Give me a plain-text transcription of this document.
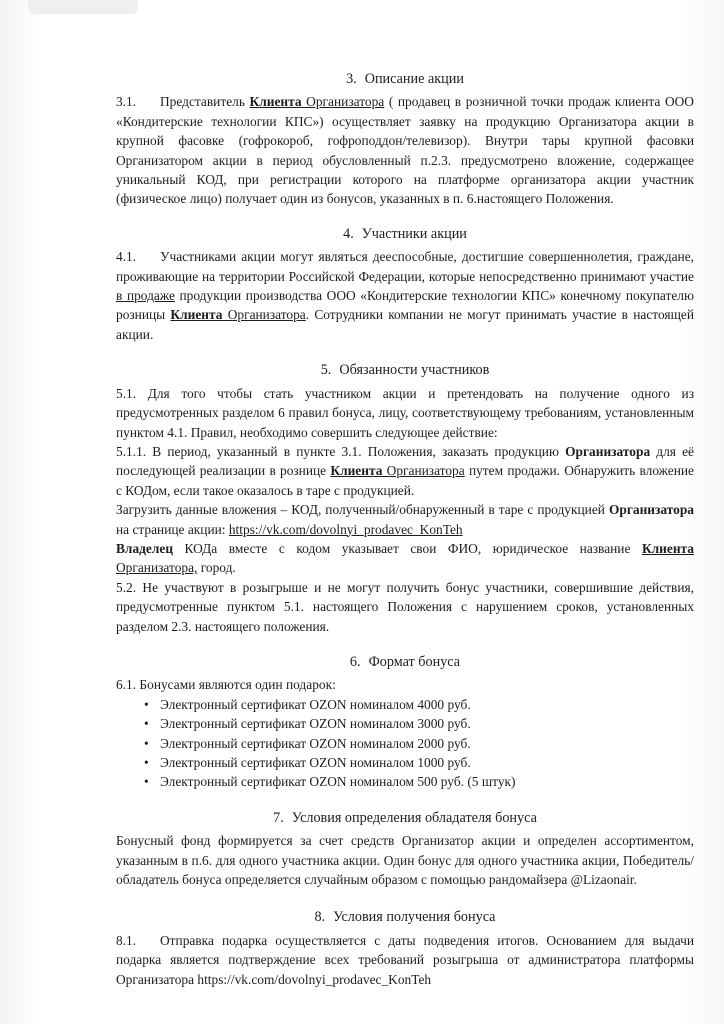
3. Описание акции

3.1. Представитель Клиента Организатора ( продавец в розничной точки продаж клиента ООО «Кондитерские технологии КПС») осуществляет заявку на продукцию Организатора акции в крупной фасовке (гофрокороб, гофроподдон/телевизор). Внутри тары крупной фасовки Организатором акции в период обусловленный п.2.3. предусмотрено вложение, содержащее уникальный КОД, при регистрации которого на платформе организатора акции участник (физическое лицо) получает один из бонусов, указанных в п. 6.настоящего Положения.

4. Участники акции

4.1. Участниками акции могут являться дееспособные, достигшие совершеннолетия, граждане, проживающие на территории Российской Федерации, которые непосредственно принимают участие в продаже продукции производства ООО «Кондитерские технологии КПС» конечному покупателю розницы Клиента Организатора. Сотрудники компании не могут принимать участие в настоящей акции.

5. Обязанности участников

5.1. Для того чтобы стать участником акции и претендовать на получение одного из предусмотренных разделом 6 правил бонуса, лицу, соответствующему требованиям, установленным пунктом 4.1. Правил, необходимо совершить следующее действие:

5.1.1. В период, указанный в пункте 3.1. Положения, заказать продукцию Организатора для её последующей реализации в рознице Клиента Организатора путем продажи. Обнаружить вложение с КОДом, если такое оказалось в таре с продукцией.

Загрузить данные вложения – КОД, полученный/обнаруженный в таре с продукцией Организатора на странице акции: https://vk.com/dovolnyi_prodavec_KonTeh

Владелец КОДа вместе с кодом указывает свои ФИО, юридическое название Клиента Организатора, город.

5.2. Не участвуют в розыгрыше и не могут получить бонус участники, совершившие действия, предусмотренные пунктом 5.1. настоящего Положения с нарушением сроков, установленных разделом 2.3. настоящего положения.

6. Формат бонуса

6.1. Бонусами являются один подарок:

• Электронный сертификат OZON номиналом 4000 руб.
• Электронный сертификат OZON номиналом 3000 руб.
• Электронный сертификат OZON номиналом 2000 руб.
• Электронный сертификат OZON номиналом 1000 руб.
• Электронный сертификат OZON номиналом 500 руб. (5 штук)
7. Условия определения обладателя бонуса

Бонусный фонд формируется за счет средств Организатор акции и определен ассортиментом, указанным в п.6. для одного участника акции. Один бонус для одного участника акции, Победитель/обладатель бонуса определяется случайным образом с помощью рандомайзера @Lizaonair.

8. Условия получения бонуса

8.1. Отправка подарка осуществляется с даты подведения итогов. Основанием для выдачи подарка является подтверждение всех требований розыгрыша от администратора платформы Организатора https://vk.com/dovolnyi_prodavec_KonTeh
